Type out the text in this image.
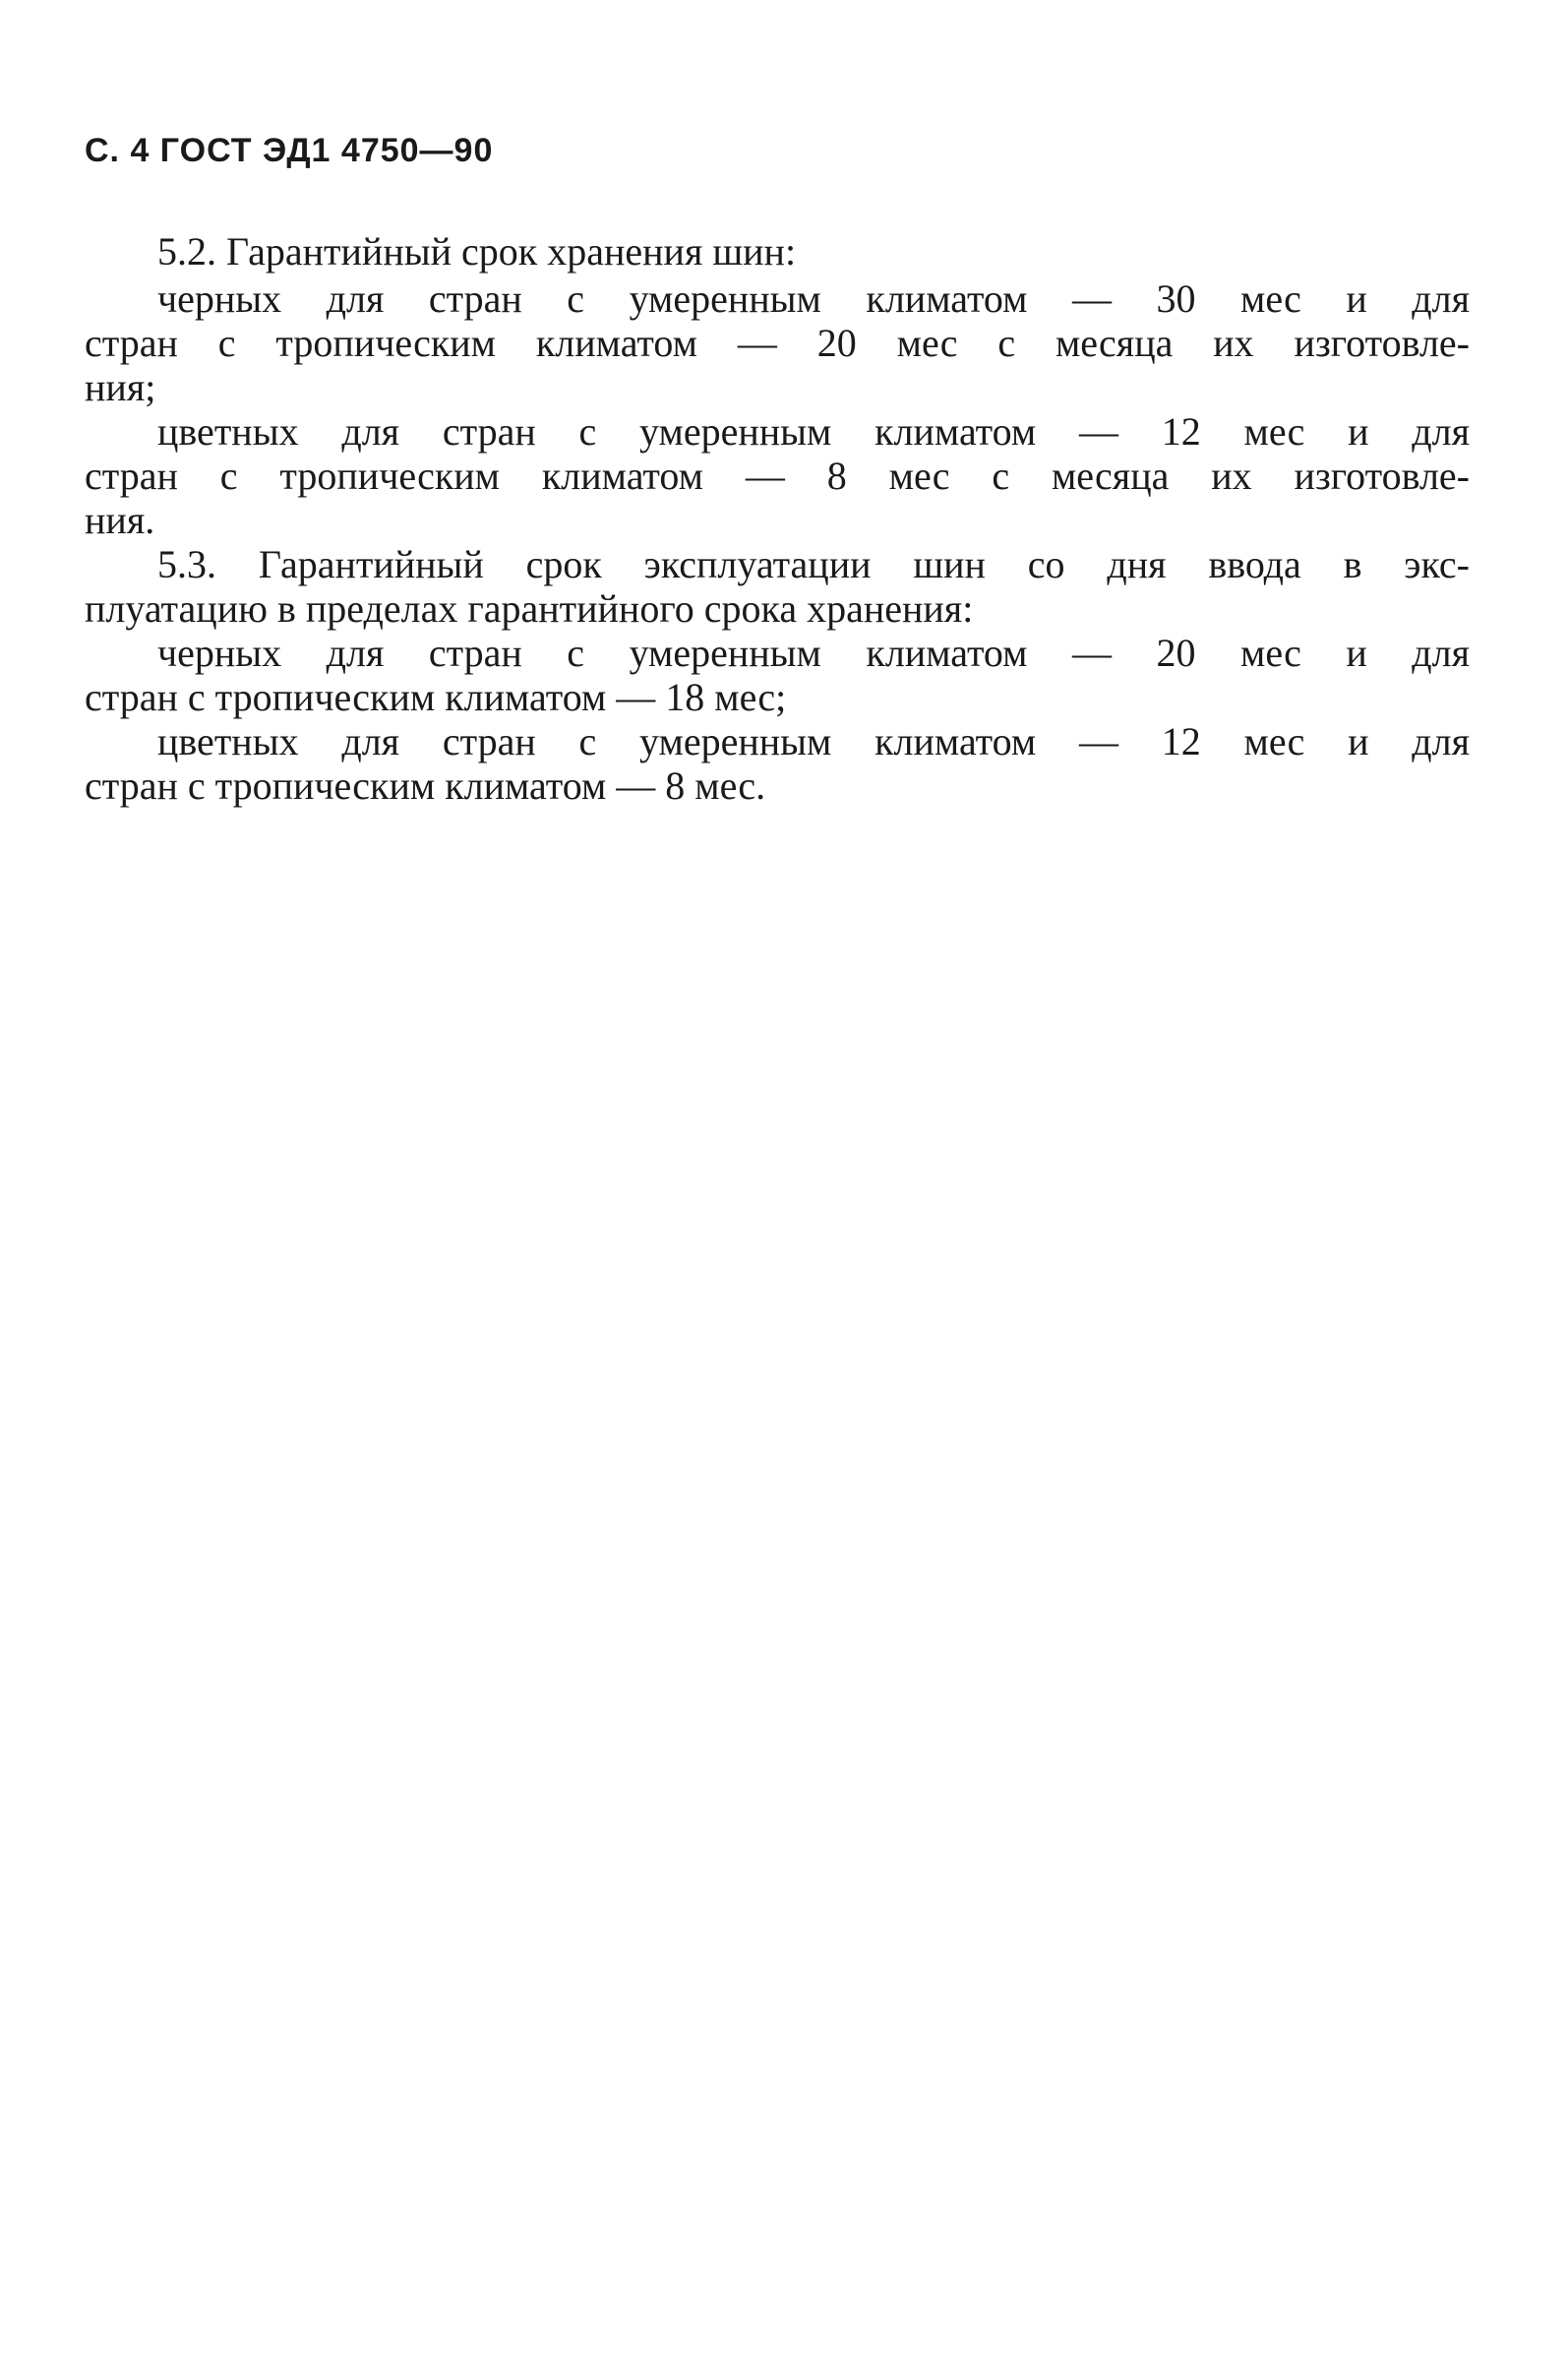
С. 4 ГОСТ ЭД1 4750—90
5.2. Гарантийный срок хранения шин:
черных для стран с умеренным климатом — 30 мес и для
стран с тропическим климатом — 20 мес с месяца их изготовле-
ния;
цветных для стран с умеренным климатом — 12 мес и для
стран с тропическим климатом — 8 мес с месяца их изготовле-
ния.
5.3. Гарантийный срок эксплуатации шин со дня ввода в экс-
плуатацию в пределах гарантийного срока хранения:
черных для стран с умеренным климатом — 20 мес и для
стран с тропическим климатом — 18 мес;
цветных для стран с умеренным климатом — 12 мес и для
стран с тропическим климатом — 8 мес.
